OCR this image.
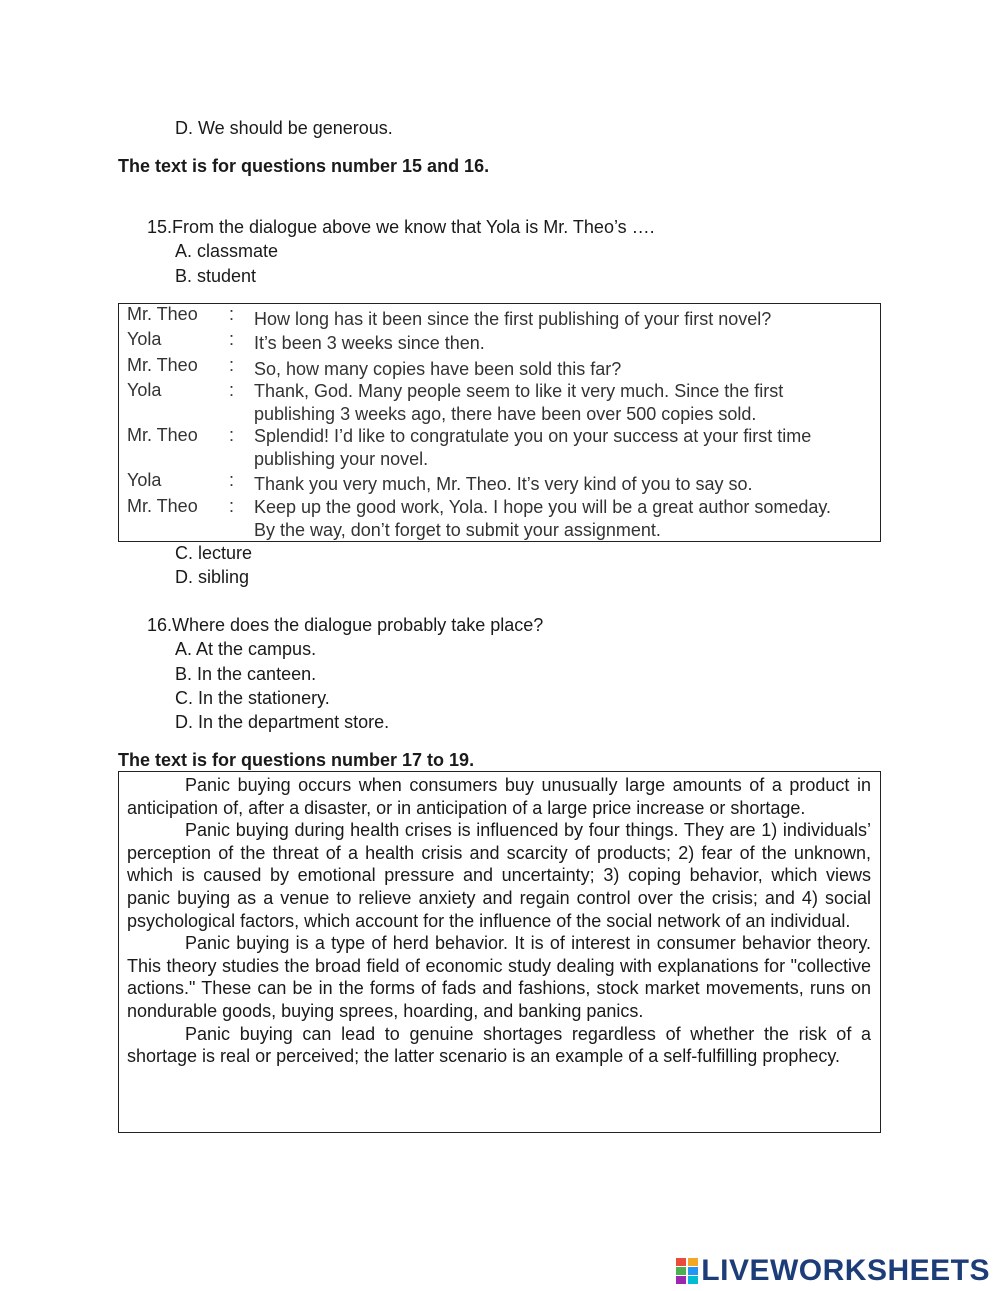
D. We should be generous.
The text is for questions number 15 and 16.
15.From the dialogue above we know that Yola is Mr. Theo’s ….
A. classmate
B. student
Mr. Theo : How long has it been since the first publishing of your first novel?
Yola	: It’s been 3 weeks since then.
Mr. Theo : So, how many copies have been sold this far?
Yola	: Thank, God. Many people seem to like it very much. Since the first
publishing 3 weeks ago, there have been over 500 copies sold.
Mr. Theo : Splendid! I’d like to congratulate you on your success at your first time
publishing your novel.
Yola	: Thank you very much, Mr. Theo. It’s very kind of you to say so.
Mr. Theo : Keep up the good work, Yola. I hope you will be a great author someday.
By the way, don’t forget to submit your assignment.
C. lecture
D. sibling
16.Where does the dialogue probably take place?
A. At the campus.
B. In the canteen.
C. In the stationery.
D. In the department store.
The text is for questions number 17 to 19.

Panic buying occurs when consumers buy unusually large amounts of a product in anticipation of, after a disaster, or in anticipation of a large price increase or shortage.

Panic buying during health crises is influenced by four things. They are 1) individuals’ perception of the threat of a health crisis and scarcity of products; 2) fear of the unknown, which is caused by emotional pressure and uncertainty; 3) coping behavior, which views panic buying as a venue to relieve anxiety and regain control over the crisis; and 4) social psychological factors, which account for the influence of the social network of an individual.

Panic buying is a type of herd behavior. It is of interest in consumer behavior theory. This theory studies the broad field of economic study dealing with explanations for "collective actions." These can be in the forms of fads and fashions, stock market movements, runs on nondurable goods, buying sprees, hoarding, and banking panics.

Panic buying can lead to genuine shortages regardless of whether the risk of a shortage is real or perceived; the latter scenario is an example of a self-fulfilling prophecy.

LIVEWORKSHEETS
